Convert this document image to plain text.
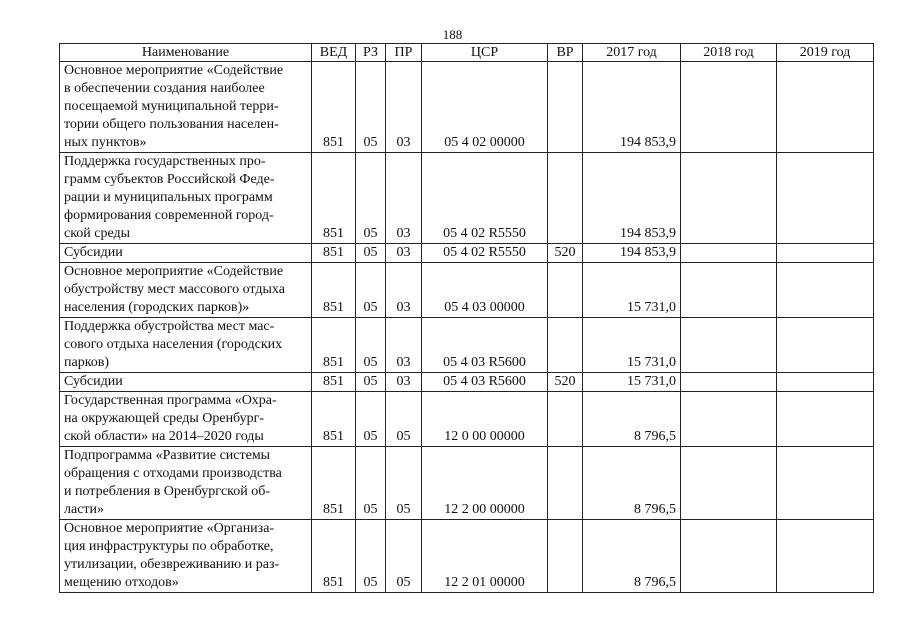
188
Наименование	ВЕД	РЗ	ПР	ЦСР	ВР	2017 год	2018 год	2019 год

Основное мероприятие «Содействие
в обеспечении создания наиболее
посещаемой муниципальной терри-
тории общего пользования населен-
ных пунктов»	851	05	03	05 4 02 00000		194 853,9		

Поддержка государственных про-
грамм субъектов Российской Феде-
рации и муниципальных программ
формирования современной город-
ской среды	851	05	03	05 4 02 R5550		194 853,9		

Субсидии	851	05	03	05 4 02 R5550	520	194 853,9		

Основное мероприятие «Содействие
обустройству мест массового отдыха
населения (городских парков)»	851	05	03	05 4 03 00000		15 731,0		

Поддержка обустройства мест мас-
сового отдыха населения (городских
парков)	851	05	03	05 4 03 R5600		15 731,0		

Субсидии	851	05	03	05 4 03 R5600	520	15 731,0		

Государственная программа «Охра-
на окружающей среды Оренбург-
ской области» на 2014–2020 годы	851	05	05	12 0 00 00000		8 796,5		

Подпрограмма «Развитие системы
обращения с отходами производства
и потребления в Оренбургской об-
ласти»	851	05	05	12 2 00 00000		8 796,5		

Основное мероприятие «Организа-
ция инфраструктуры по обработке,
утилизации, обезвреживанию и раз-
мещению отходов»	851	05	05	12 2 01 00000		8 796,5		
